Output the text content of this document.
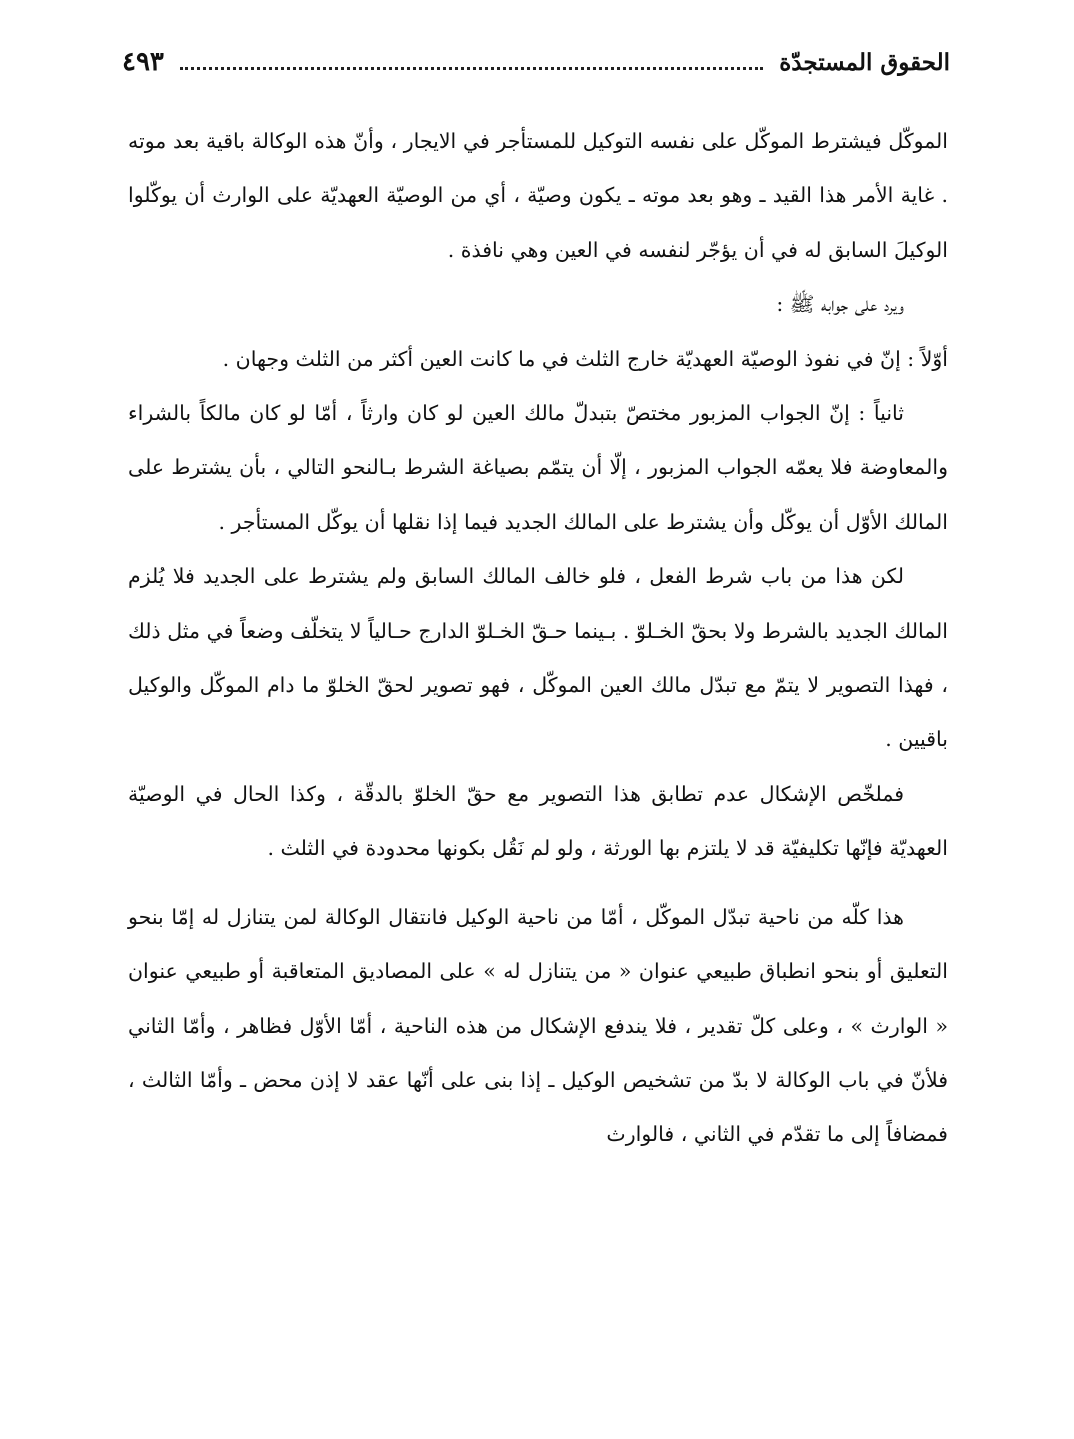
الحقوق المستجدّة
٤٩٣

الموكّل فيشترط الموكّل على نفسه التوكيل للمستأجر في الايجار ، وأنّ هذه الوكالة باقية بعد موته . غاية الأمر هذا القيد ـ وهو بعد موته ـ يكون وصيّة ، أي من الوصيّة العهديّة على الوارث أن يوكّلوا الوكيلَ السابق له في أن يؤجّر لنفسه في العين وهي نافذة .

ويرد على جوابه ﷺ :

أوّلاً : إنّ في نفوذ الوصيّة العهديّة خارج الثلث في ما كانت العين أكثر من الثلث وجهان .

ثانياً : إنّ الجواب المزبور مختصّ بتبدلّ مالك العين لو كان وارثاً ، أمّا لو كان مالكاً بالشراء والمعاوضة فلا يعمّه الجواب المزبور ، إلّا أن يتمّم بصياغة الشرط بـالنحو التالي ، بأن يشترط على المالك الأوّل أن يوكّل وأن يشترط على المالك الجديد فيما إذا نقلها أن يوكّل المستأجر .

لكن هذا من باب شرط الفعل ، فلو خالف المالك السابق ولم يشترط على الجديد فلا يُلزم المالك الجديد بالشرط ولا بحقّ الخـلوّ . بـينما حـقّ الخـلوّ الدارج حـالياً لا يتخلّف وضعاً في مثل ذلك ، فهذا التصوير لا يتمّ مع تبدّل مالك العين الموكّل ، فهو تصوير لحقّ الخلوّ ما دام الموكّل والوكيل باقيين .

فملخّص الإشكال عدم تطابق هذا التصوير مع حقّ الخلوّ بالدقّة ، وكذا الحال في الوصيّة العهديّة فإنّها تكليفيّة قد لا يلتزم بها الورثة ، ولو لم نَقُل بكونها محدودة في الثلث .

هذا كلّه من ناحية تبدّل الموكّل ، أمّا من ناحية الوكيل فانتقال الوكالة لمن يتنازل له إمّا بنحو التعليق أو بنحو انطباق طبيعي عنوان « من يتنازل له » على المصاديق المتعاقبة أو طبيعي عنوان « الوارث » ، وعلى كلّ تقدير ، فلا يندفع الإشكال من هذه الناحية ، أمّا الأوّل فظاهر ، وأمّا الثاني فلأنّ في باب الوكالة لا بدّ من تشخيص الوكيل ـ إذا بنى على أنّها عقد لا إذن محض ـ وأمّا الثالث ، فمضافاً إلى ما تقدّم في الثاني ، فالوارث
